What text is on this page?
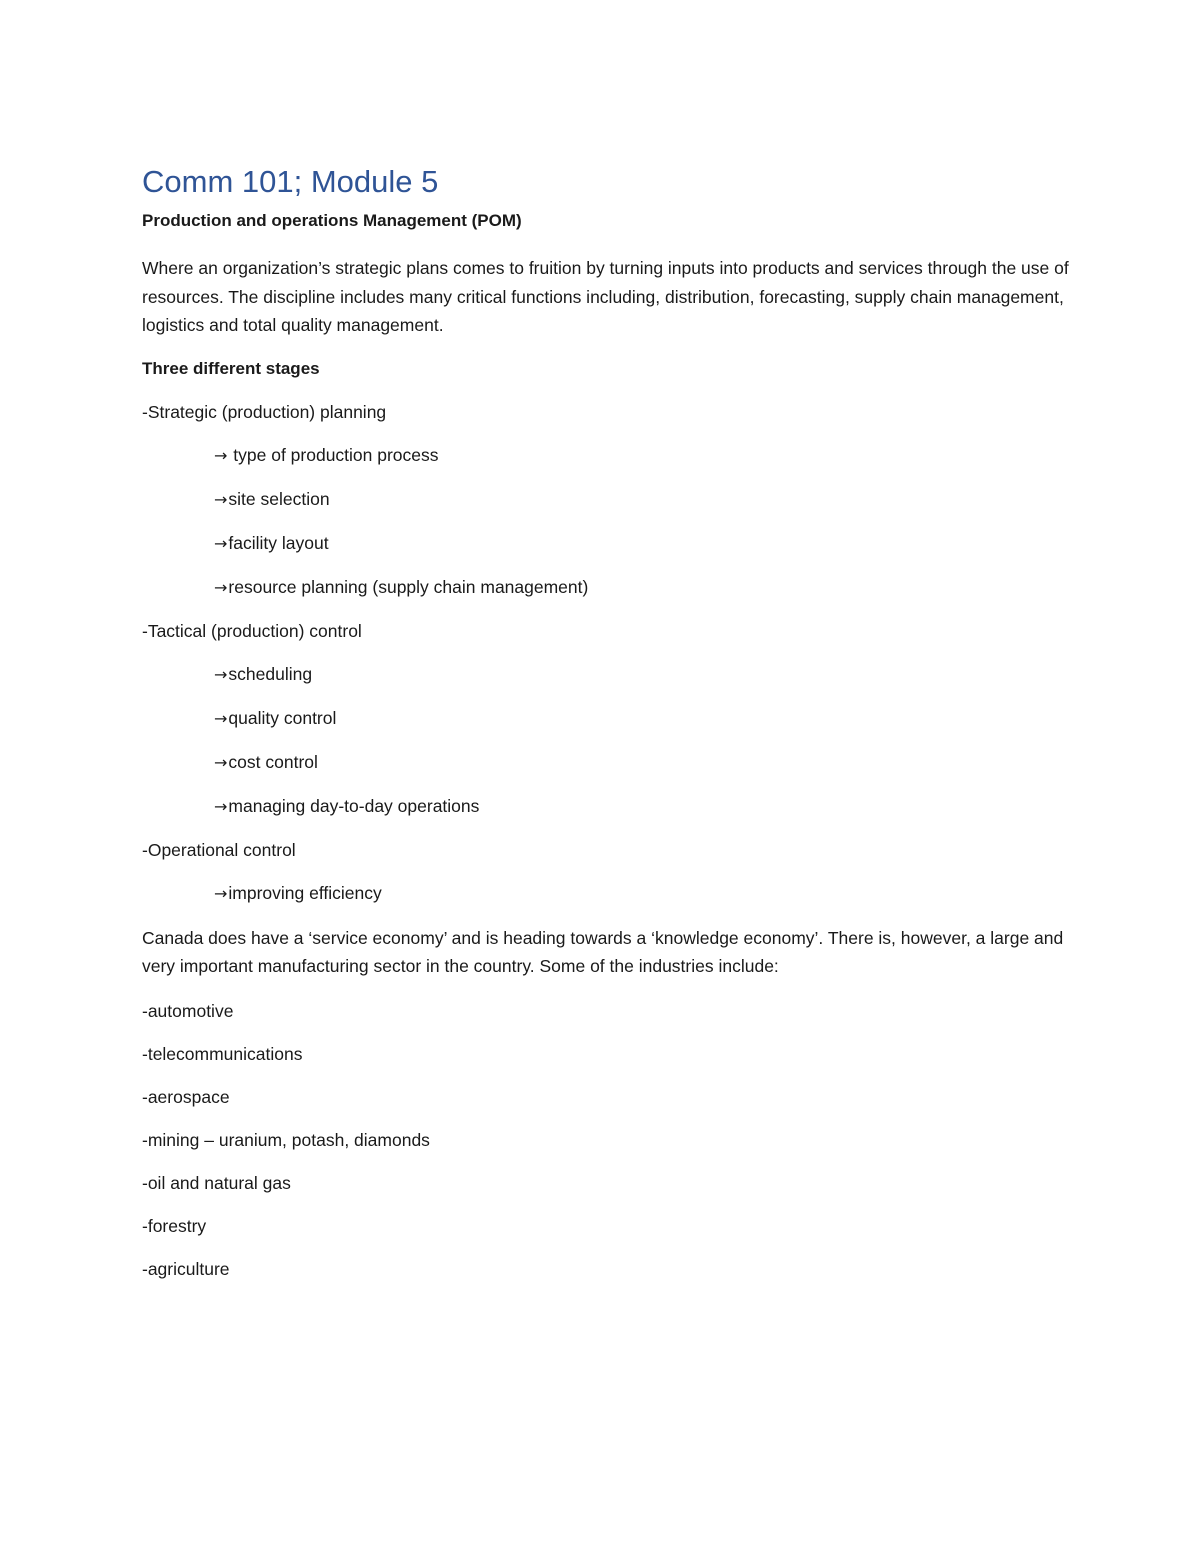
Comm 101; Module 5

Production and operations Management (POM)

Where an organization’s strategic plans comes to fruition by turning inputs into products and services through the use of resources. The discipline includes many critical functions including, distribution, forecasting, supply chain management, logistics and total quality management.

Three different stages

-Strategic (production) planning

→ type of production process

→site selection

→facility layout

→resource planning (supply chain management)

-Tactical (production) control

→scheduling

→quality control

→cost control

→managing day-to-day operations

-Operational control

→improving efficiency

Canada does have a ‘service economy’ and is heading towards a ‘knowledge economy’. There is, however, a large and very important manufacturing sector in the country. Some of the industries include:

-automotive

-telecommunications

-aerospace

-mining – uranium, potash, diamonds

-oil and natural gas

-forestry

-agriculture
